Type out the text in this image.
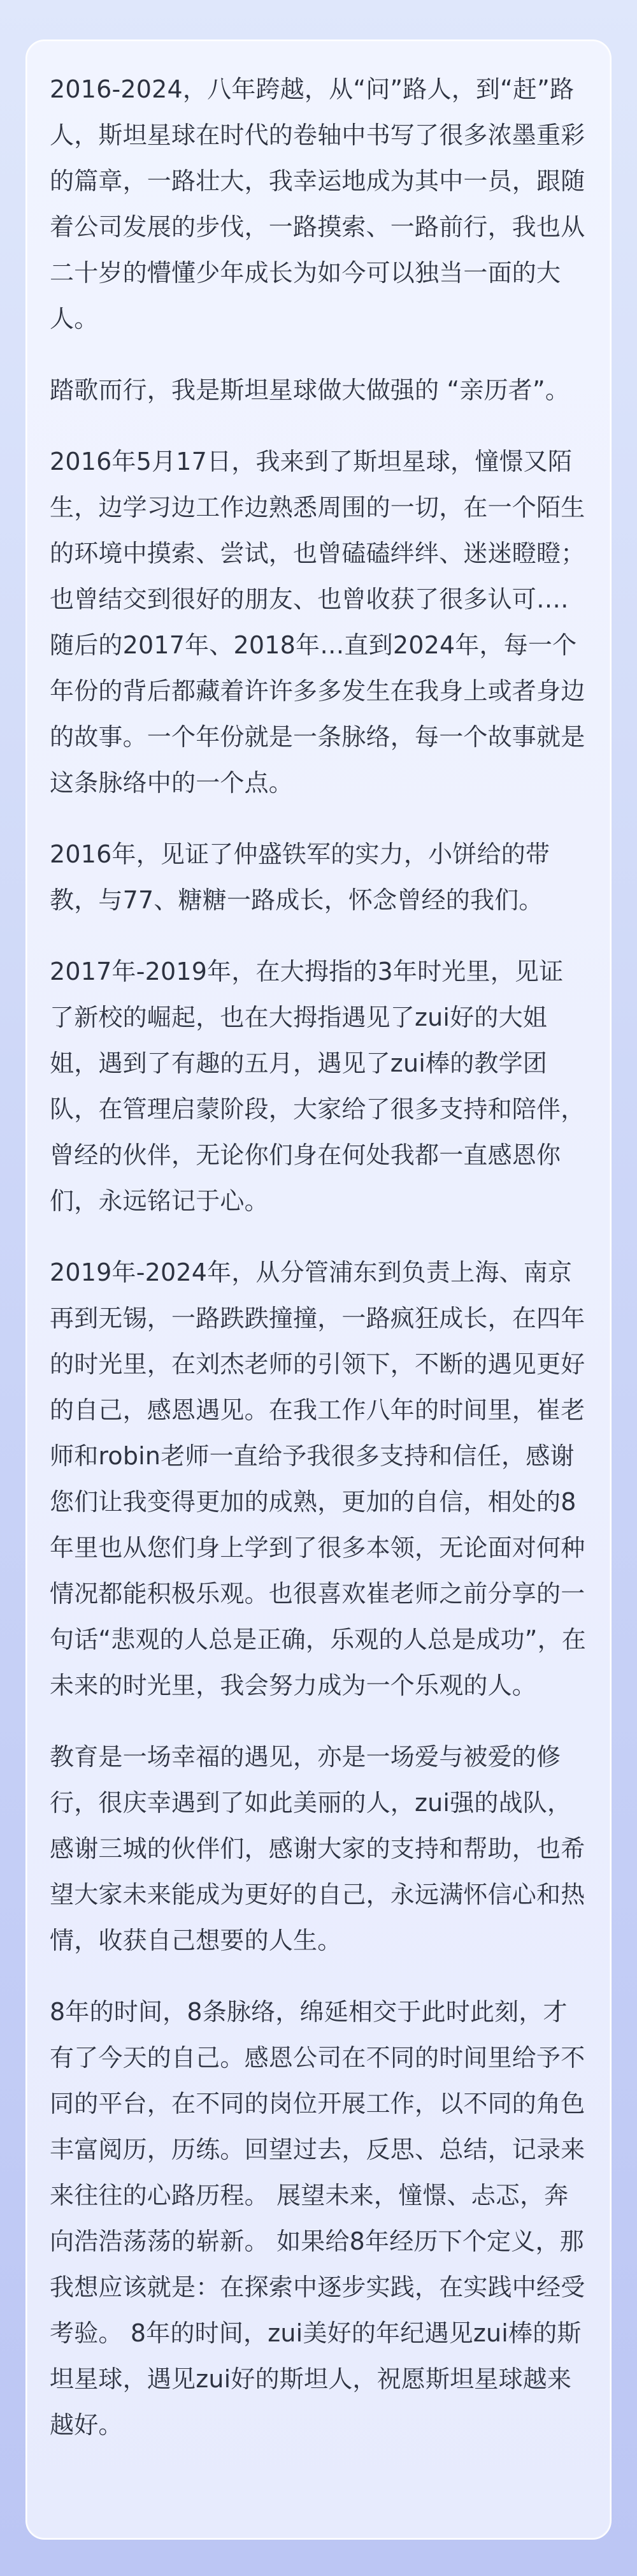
2016-2024，八年跨越，从“问”路人，到“赶”路人，斯坦星球在时代的卷轴中书写了很多浓墨重彩的篇章，一路壮大，我幸运地成为其中一员，跟随着公司发展的步伐，一路摸索、一路前行，我也从二十岁的懵懂少年成长为如今可以独当一面的大人。

踏歌而行，我是斯坦星球做大做强的 “亲历者”。

2016年5月17日，我来到了斯坦星球，憧憬又陌生，边学习边工作边熟悉周围的一切，在一个陌生的环境中摸索、尝试，也曾磕磕绊绊、迷迷瞪瞪；也曾结交到很好的朋友、也曾收获了很多认可…. 随后的2017年、2018年…直到2024年，每一个年份的背后都藏着许许多多发生在我身上或者身边的故事。一个年份就是一条脉络，每一个故事就是这条脉络中的一个点。

2016年，见证了仲盛铁军的实力，小饼给的带教，与77、糖糖一路成长，怀念曾经的我们。

2017年-2019年，在大拇指的3年时光里，见证了新校的崛起，也在大拇指遇见了zui好的大姐姐，遇到了有趣的五月，遇见了zui棒的教学团队，在管理启蒙阶段，大家给了很多支持和陪伴，曾经的伙伴，无论你们身在何处我都一直感恩你们，永远铭记于心。

2019年-2024年，从分管浦东到负责上海、南京再到无锡，一路跌跌撞撞，一路疯狂成长，在四年的时光里，在刘杰老师的引领下，不断的遇见更好的自己，感恩遇见。在我工作八年的时间里，崔老师和robin老师一直给予我很多支持和信任，感谢您们让我变得更加的成熟，更加的自信，相处的8年里也从您们身上学到了很多本领，无论面对何种情况都能积极乐观。也很喜欢崔老师之前分享的一句话“悲观的人总是正确，乐观的人总是成功”，在未来的时光里，我会努力成为一个乐观的人。

教育是一场幸福的遇见，亦是一场爱与被爱的修行，很庆幸遇到了如此美丽的人，zui强的战队，感谢三城的伙伴们，感谢大家的支持和帮助，也希望大家未来能成为更好的自己，永远满怀信心和热情，收获自己想要的人生。

8年的时间，8条脉络，绵延相交于此时此刻，才有了今天的自己。感恩公司在不同的时间里给予不同的平台，在不同的岗位开展工作，以不同的角色丰富阅历，历练。回望过去，反思、总结，记录来来往往的心路历程。 展望未来，憧憬、忐忑，奔向浩浩荡荡的崭新。 如果给8年经历下个定义，那我想应该就是：在探索中逐步实践，在实践中经受考验。 8年的时间，zui美好的年纪遇见zui棒的斯坦星球，遇见zui好的斯坦人，祝愿斯坦星球越来越好。
